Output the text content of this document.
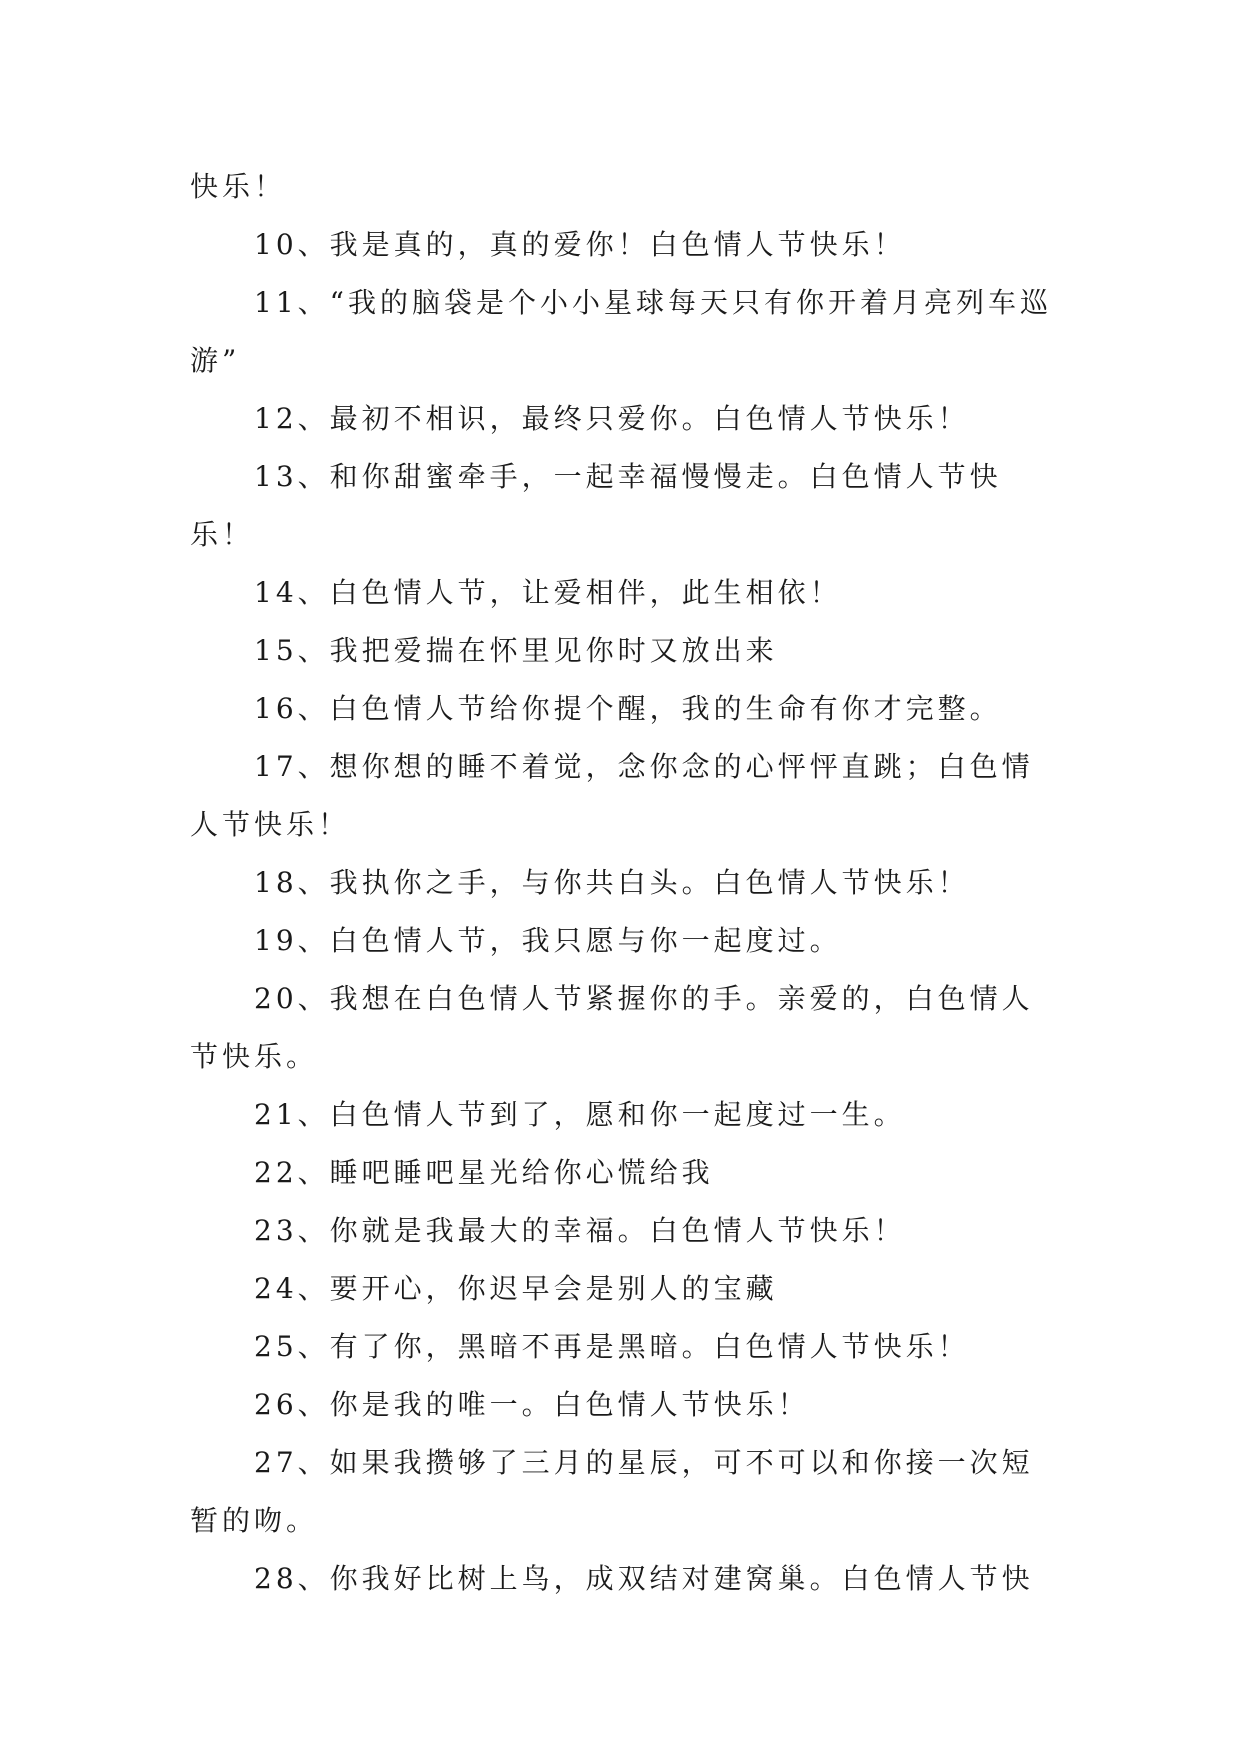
快乐！

10、我是真的，真的爱你！白色情人节快乐！

11、“我的脑袋是个小小星球每天只有你开着月亮列车巡游”

12、最初不相识，最终只爱你。白色情人节快乐！

13、和你甜蜜牵手，一起幸福慢慢走。白色情人节快乐！

14、白色情人节，让爱相伴，此生相依！

15、我把爱揣在怀里见你时又放出来

16、白色情人节给你提个醒，我的生命有你才完整。

17、想你想的睡不着觉，念你念的心怦怦直跳；白色情人节快乐！

18、我执你之手，与你共白头。白色情人节快乐！

19、白色情人节，我只愿与你一起度过。

20、我想在白色情人节紧握你的手。亲爱的，白色情人节快乐。

21、白色情人节到了，愿和你一起度过一生。

22、睡吧睡吧星光给你心慌给我

23、你就是我最大的幸福。白色情人节快乐！

24、要开心，你迟早会是别人的宝藏

25、有了你，黑暗不再是黑暗。白色情人节快乐！

26、你是我的唯一。白色情人节快乐！

27、如果我攒够了三月的星辰，可不可以和你接一次短暂的吻。

28、你我好比树上鸟，成双结对建窝巢。白色情人节快
